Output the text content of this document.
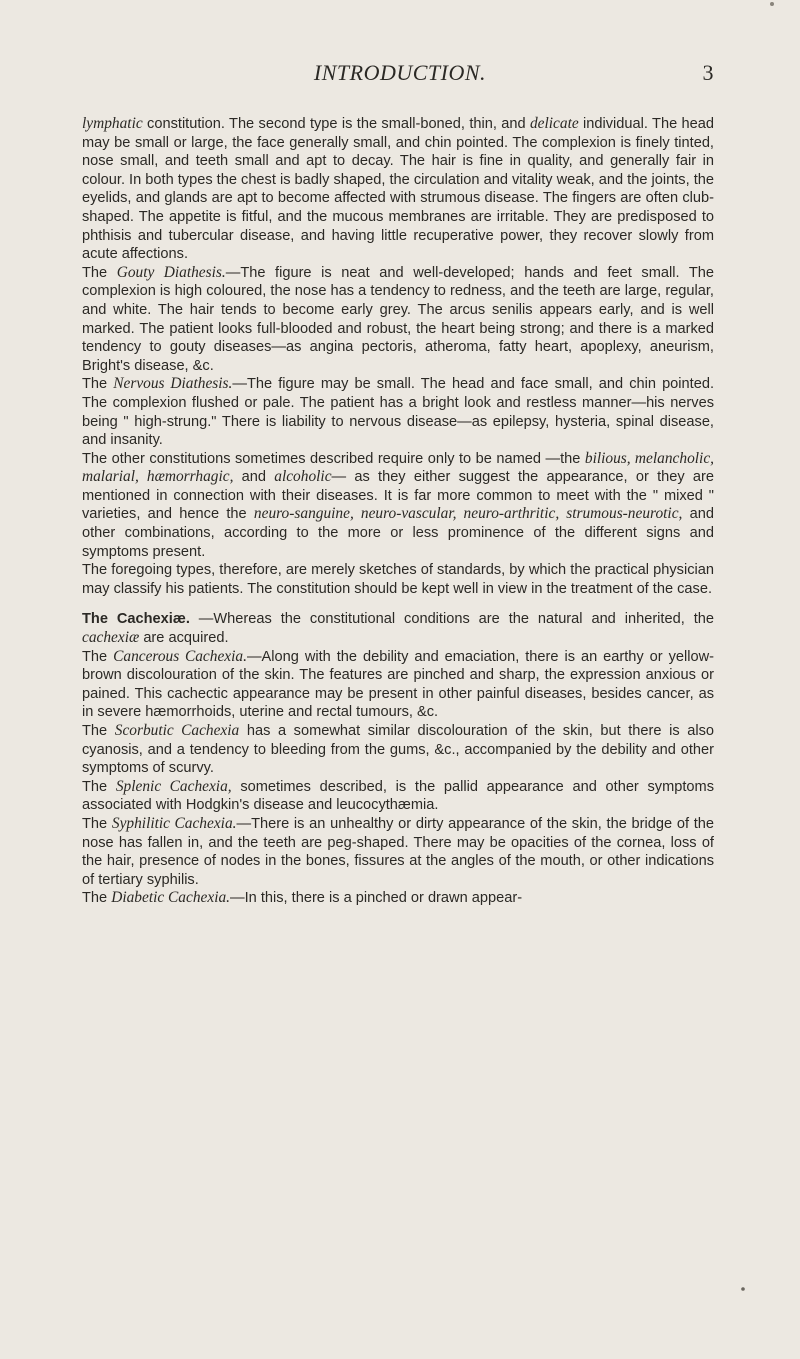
INTRODUCTION.	3

lymphatic constitution. The second type is the small-boned, thin, and delicate individual. The head may be small or large, the face generally small, and chin pointed. The complexion is finely tinted, nose small, and teeth small and apt to decay. The hair is fine in quality, and generally fair in colour. In both types the chest is badly shaped, the circulation and vitality weak, and the joints, the eyelids, and glands are apt to become affected with strumous disease. The fingers are often club-shaped. The appetite is fitful, and the mucous membranes are irritable. They are predisposed to phthisis and tubercular disease, and having little recuperative power, they recover slowly from acute affections.

The Gouty Diathesis.—The figure is neat and well-developed; hands and feet small. The complexion is high coloured, the nose has a tendency to redness, and the teeth are large, regular, and white. The hair tends to become early grey. The arcus senilis appears early, and is well marked. The patient looks full-blooded and robust, the heart being strong; and there is a marked tendency to gouty diseases—as angina pectoris, atheroma, fatty heart, apoplexy, aneurism, Bright's disease, &c.

The Nervous Diathesis.—The figure may be small. The head and face small, and chin pointed. The complexion flushed or pale. The patient has a bright look and restless manner—his nerves being " high-strung." There is liability to nervous disease—as epilepsy, hysteria, spinal disease, and insanity.

The other constitutions sometimes described require only to be named —the bilious, melancholic, malarial, hæmorrhagic, and alcoholic— as they either suggest the appearance, or they are mentioned in connection with their diseases. It is far more common to meet with the " mixed " varieties, and hence the neuro-sanguine, neuro-vascular, neuro-arthritic, strumous-neurotic, and other combinations, according to the more or less prominence of the different signs and symptoms present.

The foregoing types, therefore, are merely sketches of standards, by which the practical physician may classify his patients. The constitution should be kept well in view in the treatment of the case.

The Cachexiæ. —Whereas the constitutional conditions are the natural and inherited, the cachexiæ are acquired.

The Cancerous Cachexia.—Along with the debility and emaciation, there is an earthy or yellow-brown discolouration of the skin. The features are pinched and sharp, the expression anxious or pained. This cachectic appearance may be present in other painful diseases, besides cancer, as in severe hæmorrhoids, uterine and rectal tumours, &c.

The Scorbutic Cachexia has a somewhat similar discolouration of the skin, but there is also cyanosis, and a tendency to bleeding from the gums, &c., accompanied by the debility and other symptoms of scurvy.

The Splenic Cachexia, sometimes described, is the pallid appearance and other symptoms associated with Hodgkin's disease and leucocythæmia.

The Syphilitic Cachexia.—There is an unhealthy or dirty appearance of the skin, the bridge of the nose has fallen in, and the teeth are peg-shaped. There may be opacities of the cornea, loss of the hair, presence of nodes in the bones, fissures at the angles of the mouth, or other indications of tertiary syphilis.

The Diabetic Cachexia.—In this, there is a pinched or drawn appear-
